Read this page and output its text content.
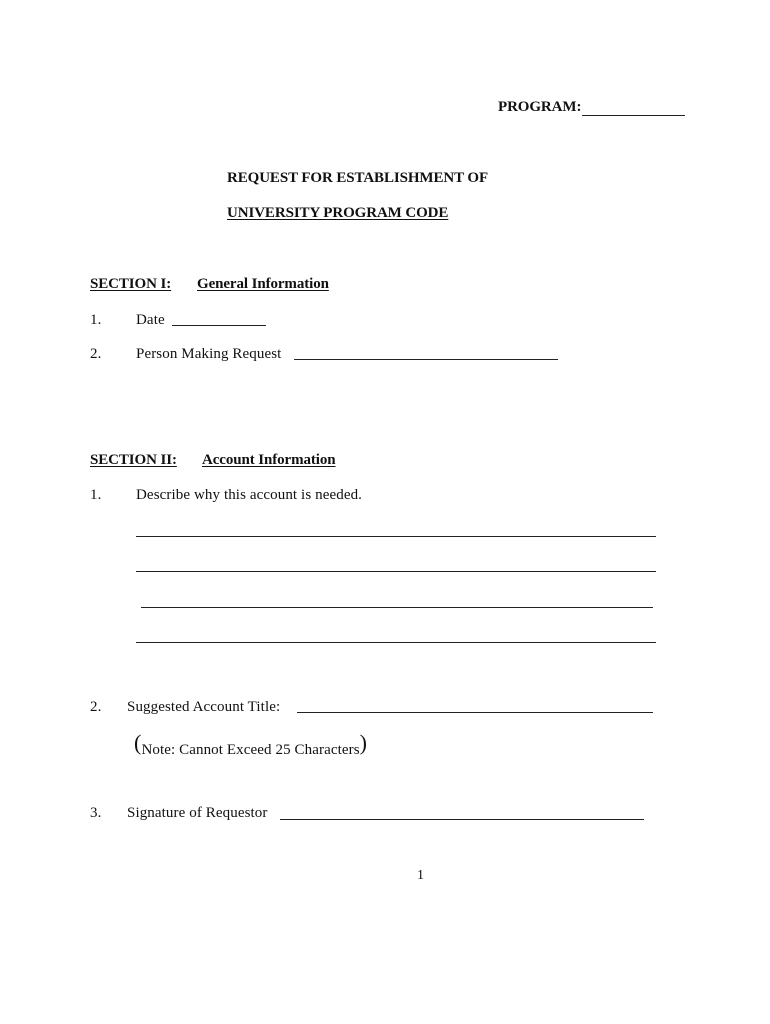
PROGRAM:
REQUEST FOR ESTABLISHMENT OF
UNIVERSITY PROGRAM CODE
SECTION I: General Information
1. Date
2. Person Making Request
SECTION II: Account Information
1. Describe why this account is needed.
2. Suggested Account Title:
(Note: Cannot Exceed 25 Characters)
3. Signature of Requestor
1
